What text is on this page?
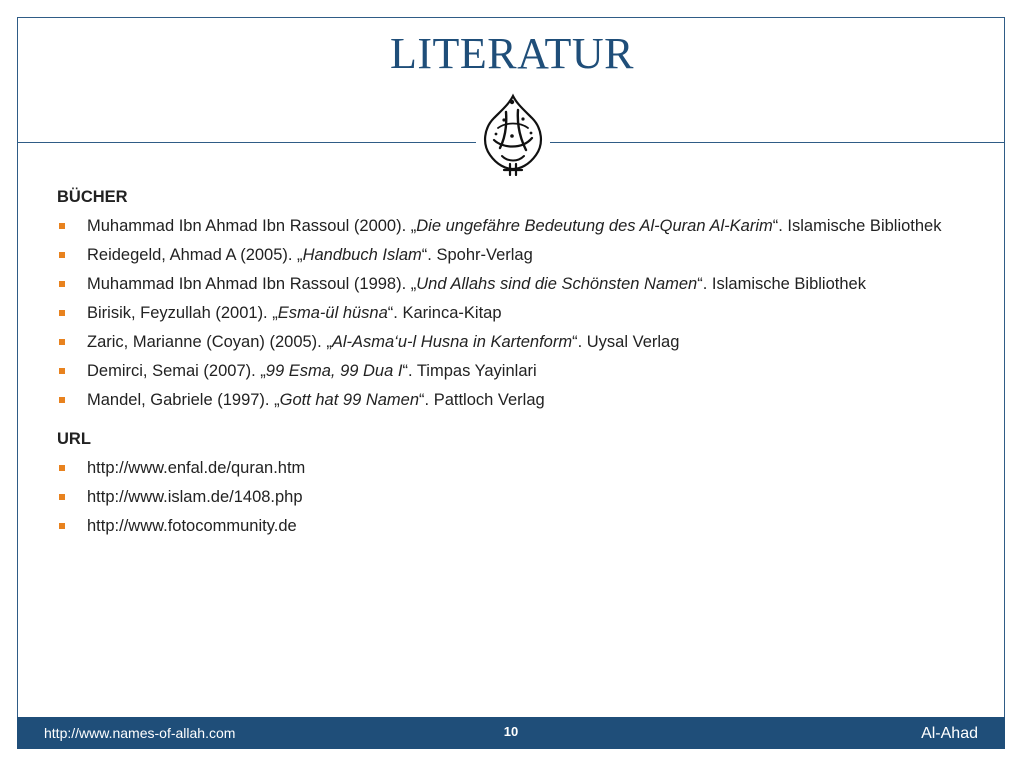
LITERATUR
BÜCHER
Muhammad Ibn Ahmad Ibn Rassoul (2000). „Die ungefähre Bedeutung des Al-Quran Al-Karim“. Islamische Bibliothek
Reidegeld, Ahmad A (2005). „Handbuch Islam“. Spohr-Verlag
Muhammad Ibn Ahmad Ibn Rassoul (1998). „Und Allahs sind die Schönsten Namen“. Islamische Bibliothek
Birisik, Feyzullah (2001). „Esma-ül hüsna“. Karinca-Kitap
Zaric, Marianne (Coyan) (2005). „Al-Asma‘u-l Husna in Kartenform“. Uysal Verlag
Demirci, Semai (2007). „99 Esma, 99 Dua I“. Timpas Yayinlari
Mandel, Gabriele (1997). „Gott hat 99 Namen“. Pattloch Verlag
URL
http://www.enfal.de/quran.htm
http://www.islam.de/1408.php
http://www.fotocommunity.de
http://www.names-of-allah.com	10	Al-Ahad
